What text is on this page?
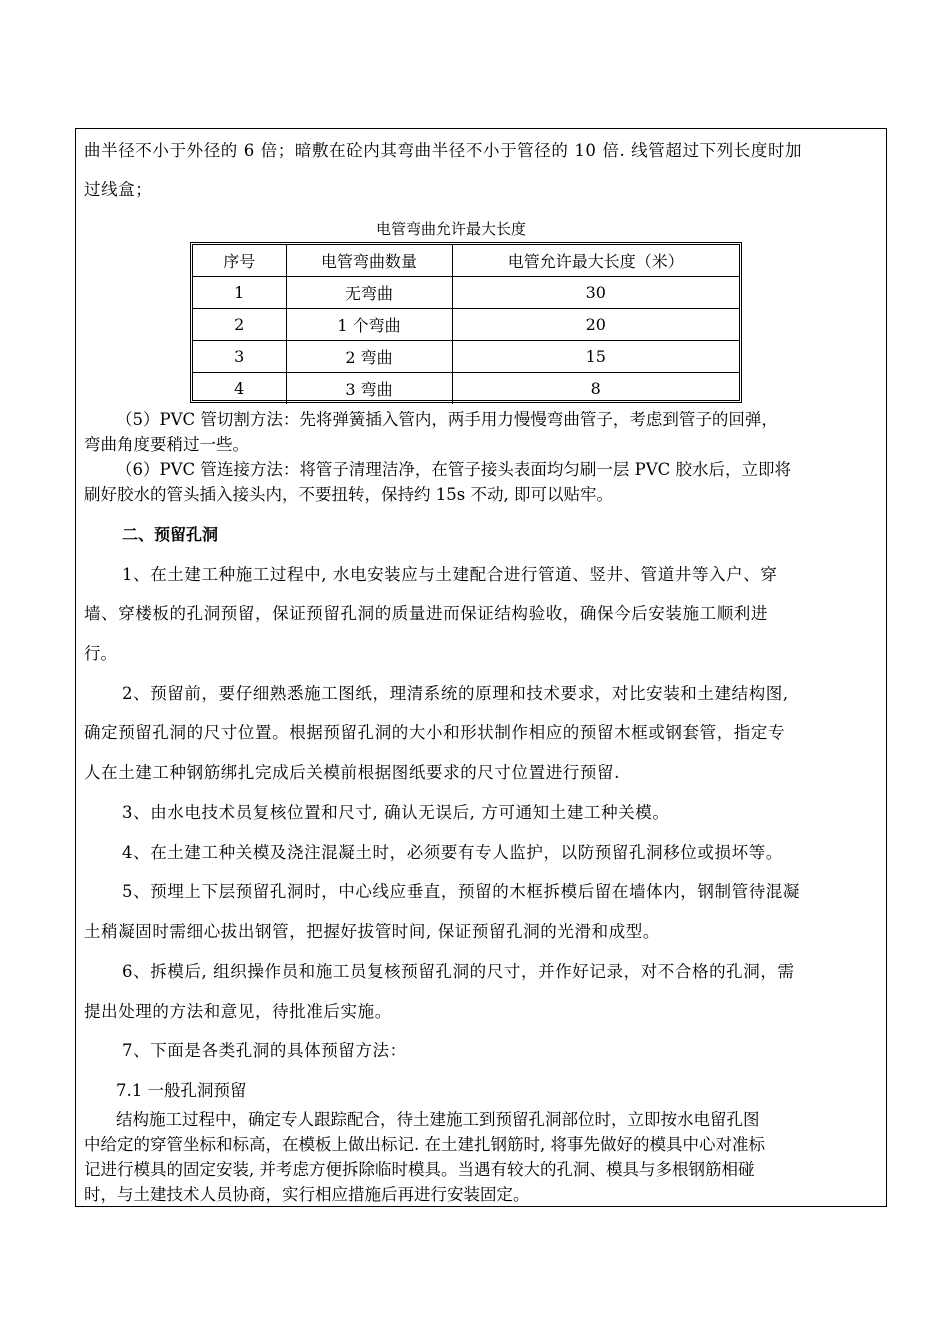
曲半径不小于外径的 6 倍；暗敷在砼内其弯曲半径不小于管径的 10 倍. 线管超过下列长度时加
过线盒；
电管弯曲允许最大长度
序号	电管弯曲数量	电管允许最大长度（米）
1	无弯曲	30
2	1 个弯曲	20
3	2 弯曲	15
4	3 弯曲	8
（5）PVC 管切割方法：先将弹簧插入管内，两手用力慢慢弯曲管子，考虑到管子的回弹，
弯曲角度要稍过一些。
（6）PVC 管连接方法：将管子清理洁净，在管子接头表面均匀刷一层 PVC 胶水后，立即将
刷好胶水的管头插入接头内，不要扭转，保持约 15s 不动, 即可以贴牢。
二、预留孔洞
1、在土建工种施工过程中, 水电安装应与土建配合进行管道、竖井、管道井等入户、穿
墙、穿楼板的孔洞预留，保证预留孔洞的质量进而保证结构验收，确保今后安装施工顺利进
行。
2、预留前，要仔细熟悉施工图纸，理清系统的原理和技术要求，对比安装和土建结构图,
确定预留孔洞的尺寸位置。根据预留孔洞的大小和形状制作相应的预留木框或钢套管，指定专
人在土建工种钢筋绑扎完成后关模前根据图纸要求的尺寸位置进行预留.
3、由水电技术员复核位置和尺寸, 确认无误后, 方可通知土建工种关模。
4、在土建工种关模及浇注混凝土时，必须要有专人监护，以防预留孔洞移位或损坏等。
5、预埋上下层预留孔洞时，中心线应垂直，预留的木框拆模后留在墙体内，钢制管待混凝
土稍凝固时需细心拔出钢管，把握好拔管时间, 保证预留孔洞的光滑和成型。
6、拆模后, 组织操作员和施工员复核预留孔洞的尺寸，并作好记录，对不合格的孔洞，需
提出处理的方法和意见，待批准后实施。
7、下面是各类孔洞的具体预留方法：
7.1 一般孔洞预留
结构施工过程中，确定专人跟踪配合，待土建施工到预留孔洞部位时，立即按水电留孔图
中给定的穿管坐标和标高，在模板上做出标记. 在土建扎钢筋时, 将事先做好的模具中心对准标
记进行模具的固定安装, 并考虑方便拆除临时模具。当遇有较大的孔洞、模具与多根钢筋相碰
时，与土建技术人员协商，实行相应措施后再进行安装固定。
